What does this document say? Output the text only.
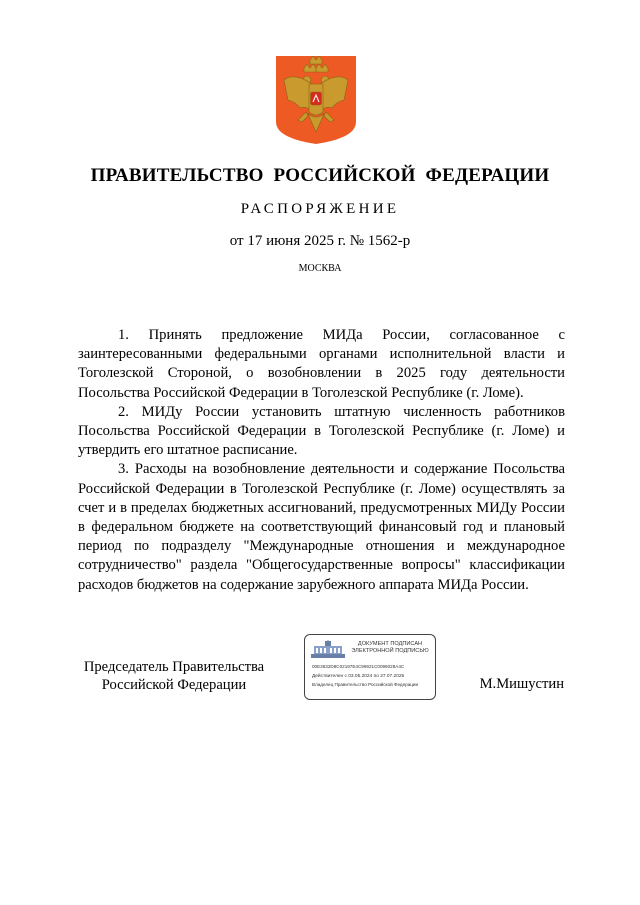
ПРАВИТЕЛЬСТВО РОССИЙСКОЙ ФЕДЕРАЦИИ
РАСПОРЯЖЕНИЕ
от 17 июня 2025 г. № 1562-р
МОСКВА

1. Принять предложение МИДа России, согласованное с заинтересованными федеральными органами исполнительной власти и Тоголезской Стороной, о возобновлении в 2025 году деятельности Посольства Российской Федерации в Тоголезской Республике (г. Ломе).

2. МИДу России установить штатную численность работников Посольства Российской Федерации в Тоголезской Республике (г. Ломе) и утвердить его штатное расписание.

3. Расходы на возобновление деятельности и содержание Посольства Российской Федерации в Тоголезской Республике (г. Ломе) осуществлять за счет и в пределах бюджетных ассигнований, предусмотренных МИДу России в федеральном бюджете на соответствующий финансовый год и плановый период по подразделу "Международные отношения и международное сотрудничество" раздела "Общегосударственные вопросы" классификации расходов бюджетов на содержание зарубежного аппарата МИДа России.

Председатель Правительства
Российской Федерации
ДОКУМЕНТ ПОДПИСАН
ЭЛЕКТРОННОЙ ПОДПИСЬЮ
00E3632D8C02197E4C99921C0099028A4C
Действителен с 03.05.2024 по 27.07.2025
Владелец Правительство Российской Федерации	М.Мишустин
